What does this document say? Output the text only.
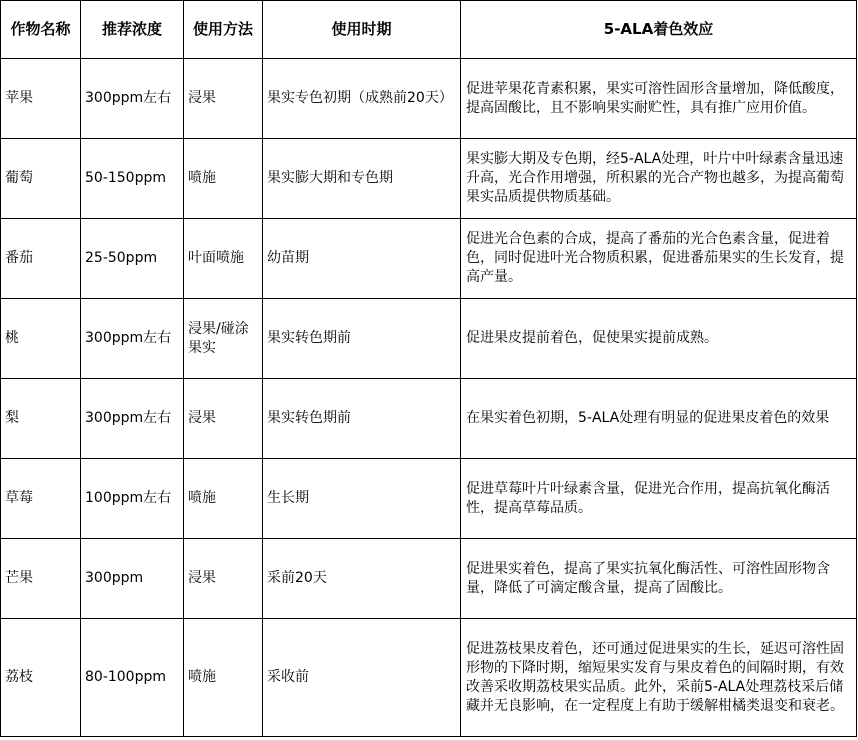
作物名称	推荐浓度	使用方法	使用时期	5-ALA着色效应
苹果	300ppm左右	浸果	果实专色初期（成熟前20天）	促进苹果花青素积累，果实可溶性固形含量增加，降低酸度，提高固酸比，且不影响果实耐贮性，具有推广应用价值。
葡萄	50-150ppm	喷施	果实膨大期和专色期	果实膨大期及专色期，经5-ALA处理，叶片中叶绿素含量迅速升高，光合作用增强，所积累的光合产物也越多，为提高葡萄果实品质提供物质基础。
番茄	25-50ppm	叶面喷施	幼苗期	促进光合色素的合成，提高了番茄的光合色素含量，促进着色，同时促进叶光合物质积累，促进番茄果实的生长发育，提高产量。
桃	300ppm左右	浸果/碰涂果实	果实转色期前	促进果皮提前着色，促使果实提前成熟。
梨	300ppm左右	浸果	果实转色期前	在果实着色初期，5-ALA处理有明显的促进果皮着色的效果
草莓	100ppm左右	喷施	生长期	促进草莓叶片叶绿素含量，促进光合作用，提高抗氧化酶活性，提高草莓品质。
芒果	300ppm	浸果	采前20天	促进果实着色，提高了果实抗氧化酶活性、可溶性固形物含量，降低了可滴定酸含量，提高了固酸比。
荔枝	80-100ppm	喷施	采收前	促进荔枝果皮着色，还可通过促进果实的生长，延迟可溶性固形物的下降时期，缩短果实发育与果皮着色的间隔时期，有效改善采收期荔枝果实品质。此外，采前5-ALA处理荔枝采后储藏并无良影响，在一定程度上有助于缓解柑橘类退变和衰老。
